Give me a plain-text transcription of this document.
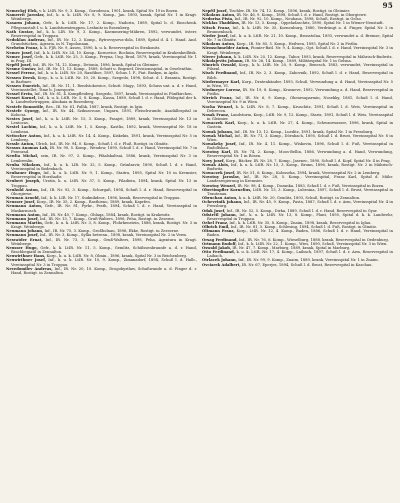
95

Nemeckyj Elek, v. k. LtIR. Nr. 9, 3. Komp., Gorodenca, 1901, krank, Spital Nr. 19 in Bozen.

Namerrit Jaroslav, Inf., k. u. k. LtIR. Nr. 8, 9. Komp., Jan. 1893, krank, Spital Nr. 1 in Kragt. Weinberge.

Nasarm Johann, Gefr., k. k. LtIR. Nr. 17, 2. Komp., Nadorin, 1889, Spital b. d. Einschenk. Pflegeanstalt f. u. k. Landsturmtruppen, Leshnitz in Rosenberg.

Nath Gustav, Inf., k. k. LIR. Nr. 9, 3. Komp., Kaemmering-Mähren, 1892, verwundet, österr. Reservespital in Troppau.

Nedoklan Andreas, Inf., IR. Nr. 12, 2. Komp., Rytrovsyseva-dola, 1889, Spital d. 4. I. Hand. And. Grundstücken, Agraria, in N. Tupolonnan.

Neeheim Franz, k. k. FJB. Nr. 9, Assen, 1890, k. u. k. Reservespital in Strakonitz.

Nemec Josef, Inf., k. k. LtIR. Nr. 24, 10. Komp., Kornovice, Bochnia, Reservespital in Krakenkedlitsk.

Nemec Josef, Gefr., k. k. LtIR. Nr. 25, 3. Komp., Preyna, Ung. Brod, 1879, krank, Vereinsspital Nr. 1 in Prag, III.

Nepřil Josef, Inf., IR. Nr. 74, 12. Komp., Detonia, 1896, krank, Spital in Gleimier.

Nesme Gustav, Inf., IR. Nr. 11, 13. Komp., 1889, Schutt u. Bogrnef, Divisionsspital, in Orselenthin.

Nessel Ferenc, Inf., k. u. k. LtIR. Nr. 20, Rasdiboe, 1897, Schus. l. F., Fiat. Baskyn, in Ayda.

Nessen Deesk, Korp., k. u. k. LtIR. Nr. 10, 20. Komp., Szegedo, 1898, Schut. d. l. Brannin, Rostigt. in Barbner.

Nessen Emerich, Inf., IR. Nr. 11, 1. Rendstokowice, Schutt. Magy., 1893, Schuss unt. a. d. r. Hand, Vereinsstellet, Time b. Jonesporte.

Nessel Ervin, Inf., IR. Nr. 81, 4. Kompfleiderg. Szegedo, 1897, krank, Vereinsspital in Fünfkirchen.

Nesset Kornel, Inf., k. u. k. LtIR. Nr. 5, 8. Komp., Kassa, 1889, Schuß l. d. r. Hand, Pfälegital der k. k. Landwehrtruppen, Alsokaia in Rosenberg.

Nestefe Ronnotile, Res., IR. Nr. 61, Falhk, 1887, krank, Rostigt. in Igin.

Nestefe Gyorgy, Inf., IR. Nr. 44, Szikszovoae, Ungarn, 1891, Fleischwunde, Asadällespital in Kolocsa.

Nestes Josef, Inf., k. u. k. LtIR. Nr. 15, 3. Komp., Pasajet, 1889, krank, Vereinsspital Nr. 13 in Lentocas.

Nestel Lachim, Inf., k. u. k. LtIR. Nr. 1, 5. Komp., Kastlio, 1892, krank, Vereinsspital Nr. 18 in Lembeau.

Nettocher Anton, Inf., k. u. k. LtIR. Nr. 14, 4. Komp., Kiskekis, 1891, krank, Vereinsspital Nr. 5 in Lemberg.

Nessle Anton, Ulrich, Inf., IR. Nr. 94, 0. Komp., Schuß l. d. r. Fluß, Rostigt. in Olmütz.

Nessos Anomas Lah, IR. Nr. 90, 5. Komp., Wendow, 1890, Schuß l. d. r. Hand, Vereinsspital Nr. 7 in Przenrad.

Newlia Michal, sein, IR. Nr. 97, 3. Komp., Pfäalskaltsai, 1886, krank, Vereinsspital Nr. 3 in Lembrenlin.

Neuba Nikolaus, Inf., k. u. k. LIR. Nr. 32, 5. Komp., Grünlzavir, 1890, Schuß l. d. r. Hand, Vereinsspital in Bodenbach.

Neubauer Hugo, Inf., k. u. k. LtIR. Nr. 9, 1. Komp., Staitra, 1895, Spital Nr. 10 in Kremsier, Reservespital in Horzhadir.

Neubert Joseph, Uratin, k. u. LtIR. Nr. 37, 5. Komp., Piladiein, 1894, krank, Spital Nr. 13 in Troppau.

Neuhold Anton, Inf., IR. Nr. 92, 3. Komp., Schurgaß, 1894, Schuß l. d. r. Hand, Reservespital in Oborgiewe.

Neuman Arnold, Inf., k. k. LIR. Nr. 17, Sudmikdeor., 1896, krank, Reservespital in Troppau.

Neusser Josef, Korp., IR. Nr. 35, 2. Komp., Rasthieno, 1889, krank, Kaprfen.

Neumann Anton, Gefr., IR. Nr. 81, Pyrkr., Pesth, 1894, Schuß l. d. r. Hand, Vereinsspital in Maskarnusch.

Neumann Anton, Inf., IR. Nr. 40, 7. Komp., Oblaqa, 1884, krank, Rostigt. in Krakenitz.

Neumann Josef, Inf., IR. Nr. 13, 7. Komp., Gruß-Walters, 1896, Peha, Rostigt. in Zeserne.

Neumann Martin, Gefr., k. u. k. LtIR. Nr. 3, 8. Komp., Flohrkenstein, 1886, krank, Rostigt. Nr. 3 in Kragt. Weinberge.

Neumann Johann, Inf., IR. Nr. 75, 3. Komp., Großbolnau, 1896, Ekke, Rostigt. in Zeeserne.

Neumann Josef, Inf., IR. Nr. 3, Komp., Syllia betrenn., 1898, krank, Vereinsspital Nr. 2 in Verm.

Nesvatder Ernat, Inf., IR. Nr. 73, 3. Komp., Gruß-Walters, 1898, Peha, Agentura in Kragt. Weinberge.

Neusser Hugo, Gefr., k. k. LtIR. Nr. 11, 5. Komp., Gemlitz, Schülssenbraunfe a. d. r. Hand, Rrachbegiatil in Zennalton.

Neuwirthner Hans, Korp., k. u. k. LtIR. Nr. 8, Olmin., 1896, krank, Spital Nr. 3 in Reichenberg.

Neuwirthner Josef, Inf., k. u. k. LtIR. Nr. 10, 9. Komp., Zimanadorf, 1894, Schuß l. d. Halb., Vereinsspital Nr. 3 in Troppau.

Nevedomilev Andreas, Inf., IR. Nr. 20, 10. Komp., Drogobyztlaw, Schußwunde a. d. Finger d. r. Hand, Rostigt. in Zennalton.

Nepřil Josef, Tischler, IR. Nr. 74, 12. Komp., 1896, krank, Rostigt. in Gleimier.

Nikolaus Anton, IR. Nr. 46, 9. Komp., 1898, Schuß l. d. r. Hand, Rostigt. in Oborgiewe.

Nedorisa Pista, Inf., IR. Nr. 92, 10. Komp., Neuhaus, 1898, Schuß, Rostigt. in Gelso.

Nicklas Thaddäus, IR. Nr. 13, 5. Komp., Oppeladaschitz, 1890, Spital Nr. 1 in Wiener-Neustadt.

Nitsch Franz, Inf., k. k. LtIR. Nr. 35, Korneuburg, 1880, Verdrängt a. d. Finger, Spital Nr. 2 in Brunnenbach.

Nieder Josef, Inf., k. u. k. LtIR. Nr. 21, 10. Komp., Bronstolna, 1893, verwundet a. d. Bremse, Spital Nr. 7 in Olmütz.

Nikolaus Anton, Korp., IR. Nr. 85, 5. Komp., Heilwen, 1895, Spital Nr. 2 in Pistlin.

Niemschmelder Anton, Pionier-Batl. Nr. 9, 4. Komp., Opt. Schuß l. d. r. Hand, Vereinsspital Nr. 3 in Kragt. Weinberge.

Nierer Johann, k. k. LtIR. Nr. 25, 12. Komp., Tabor, 1893, krank, Reservespital in Mährisch-Budwitz.

Nikolajevits Johann, IR. Nr. 26, 14. Komp., 1889, Militärspital Nr. 1 in Gelsna.

Nimrich Oswald, Korp., k. k. LtIR. Nr. 20, 9. Komp., Benesch, 1883, verwundet, Vereinsspital in Pilsenl.

Nisch Ferdinand, Inf., IR. Nr. 2, 3. Komp., Zabovnik, 1892, Schuß l. d. r. Hand, Reservespital in Bilch.

Niedermayer Karl, Korp., Dratenbänder, 1893, Schuß, Verwundung a. d. Hand, Vereinsspital Nr. 5 in Wien, VI.

Niedmeyer Lorenz, IR. Nr. 19, 8. Komp., Krasneve, 1892, Verwundung a. d. Hand, Reservespital in Pistlin.

Nirrich Franz, Inf., IR. Nr. 6, 9. Komp., Ohenesaparmin, Nosekky, 1881, Schuß l. d. Hand, Vereinsspital Nr. 9 in Wien.

Nocha Wenzel, k. k. LtIR. Nr. 8, 7. Komp., Kruschitz, 1891, Schuß l. d. Weis, Vereinsspital in Debrecen.

Nosak Franz, Landsturm, Korp., LtIR. Nr. 9, 12. Komp., Stariz, 1891, Schuß l. d. Weis, Vereinsspital in Gleimier.

Nowaczek Karl, Korp., k. u. k. LtIR. Nr. 27, 4. Komp., Schwarzwasser, 1896, krank, Spital in Gastein.

Nowak Johann, Inf., IR. Nr. 13, 12. Komp., Lueditz, 1891, krank, Spital Nr. 1 in Pressburg.

Nowak Michal, Inf., IR. Nr. 71, 3. Komp., Dörnbach, 1895, Schuß l. d. Brust, Vereinsspital Nr. 8 in Wien.

Nowakeky Josef, Inf., IR. Nr. 4, 11. Komp., Wiskovin, 1896, Schuß l. d. Fuß, Vereinsspital in Rudolfskau.

Novotny Karl, IR. Nr. 74, 2. Komp., Moos-Bellin, 1886, Verwundung a. d. Hand, Verwundung, Reservespital Nr. 1 in Rösen.

Novy Josef, Korp., Bäcker, IR. Nr. 28, 7. Komp., Jasenec, 1890, Schuß l. d. Kopf, Spital Nr. 4 in Prag.

Nowak Alois, Inf., k. u. k. LtIR. Nr. 15, 3. Komp., Brunn, 1896, krank, Rostigt. Nr. 2 in Mährisch-Budwitz.

Nowaczek Josef, IR. Nr. 51, 6. Komp., Kolosseka, 1894, krank, Vereinsspital Nr. 2 in Lemberg.

Novotny Jaroslav, Inf., IR. Nr. 28, 5. Komp., Vereinsspital, Franz Karl, Spital d. Mähr. Landesregierung in Kremsier.

Novotny Wenzel, IR. Nr. 98, 4. Komp., Dozanka, 1883, Schuß l. d. r. Fuß, Vereinsspital in Bozen.

Obertimpfler Kornelius, LtIR. Nr. 13, 3. Komp., Lubesina, 1897, Schuß l. d. Brust, Vereinsspital in Trautenau.

Obruchau Anton, k. u. k. LtIR. Nr. 20, Gemlitz, 1893, Schuß, Rostigt. in Zennalton.

Ocheveinik Johann, Inf., IR. Nr. 45, 9. Komp., Pasta, 1887, Schuß l. d. r. Arm, Vereinsspital Nr. 4 in Pressburg.

Odak Josef, Inf., IR. Nr. 52, 5. Komp., Dirka, 1889, Schuß l. d. r. Hand, Reservespital in Gyor.

Odstrčil Johann, Inf., k. u. k. LtIR. Nr. 13, 8. Komp., Plant, 1895, Spital d. k. k. Landwehr, Reservespital in Troppau.

Oehel Franz, Inf., k. k. LtIR. Nr. 35, 8. Komp., Znaim, 1898, krank, Reservespital in Iglau.

Olbrich Emil, Inf., IR. Nr. 81, 5. Komp., Schlesing, 1894, Schuß l. d. Fuß, Rostigt. in Olmütz.

Oltmann Franz, Korp., LtIR. Nr. 12, 4. Komp., Baden, 1886, Schuß l. d. r. Hand, Vereinsspital in Baden.

Orsag Ferdinand, Inf., IR. Nr. 76, 6. Komp., Wieselburg, 1888, krank, Reservespital in Oedenburg.

Ortmann Rudolf, Inf., k. k. LtIR. Nr. 22, 1. Komp., Wies, 1890, Schuß, Vereinsspital Nr. 3 in Wien.

Oswald Jakob, IR. Nr. 47, 7. Komp., Marburg, 1889, krank, Spital in Marburg.

Otto Ferdinand, k. u. k. LtIR. Nr. 17, 4. Komp., Laibach, 1897, Schuß l. d. r. Arm, Reservespital in Laibach.

Otrlacek Johann, Inf., IR. Nr. 99, 9. Komp., Znaim, 1889, krank, Vereinsspital Nr. 1 in Znaim.

Ovciarek Adalbert, IR. Nr. 67, Eperjes, 1894, Schuß l. d. Brust, Reservespital in Kaschau.
